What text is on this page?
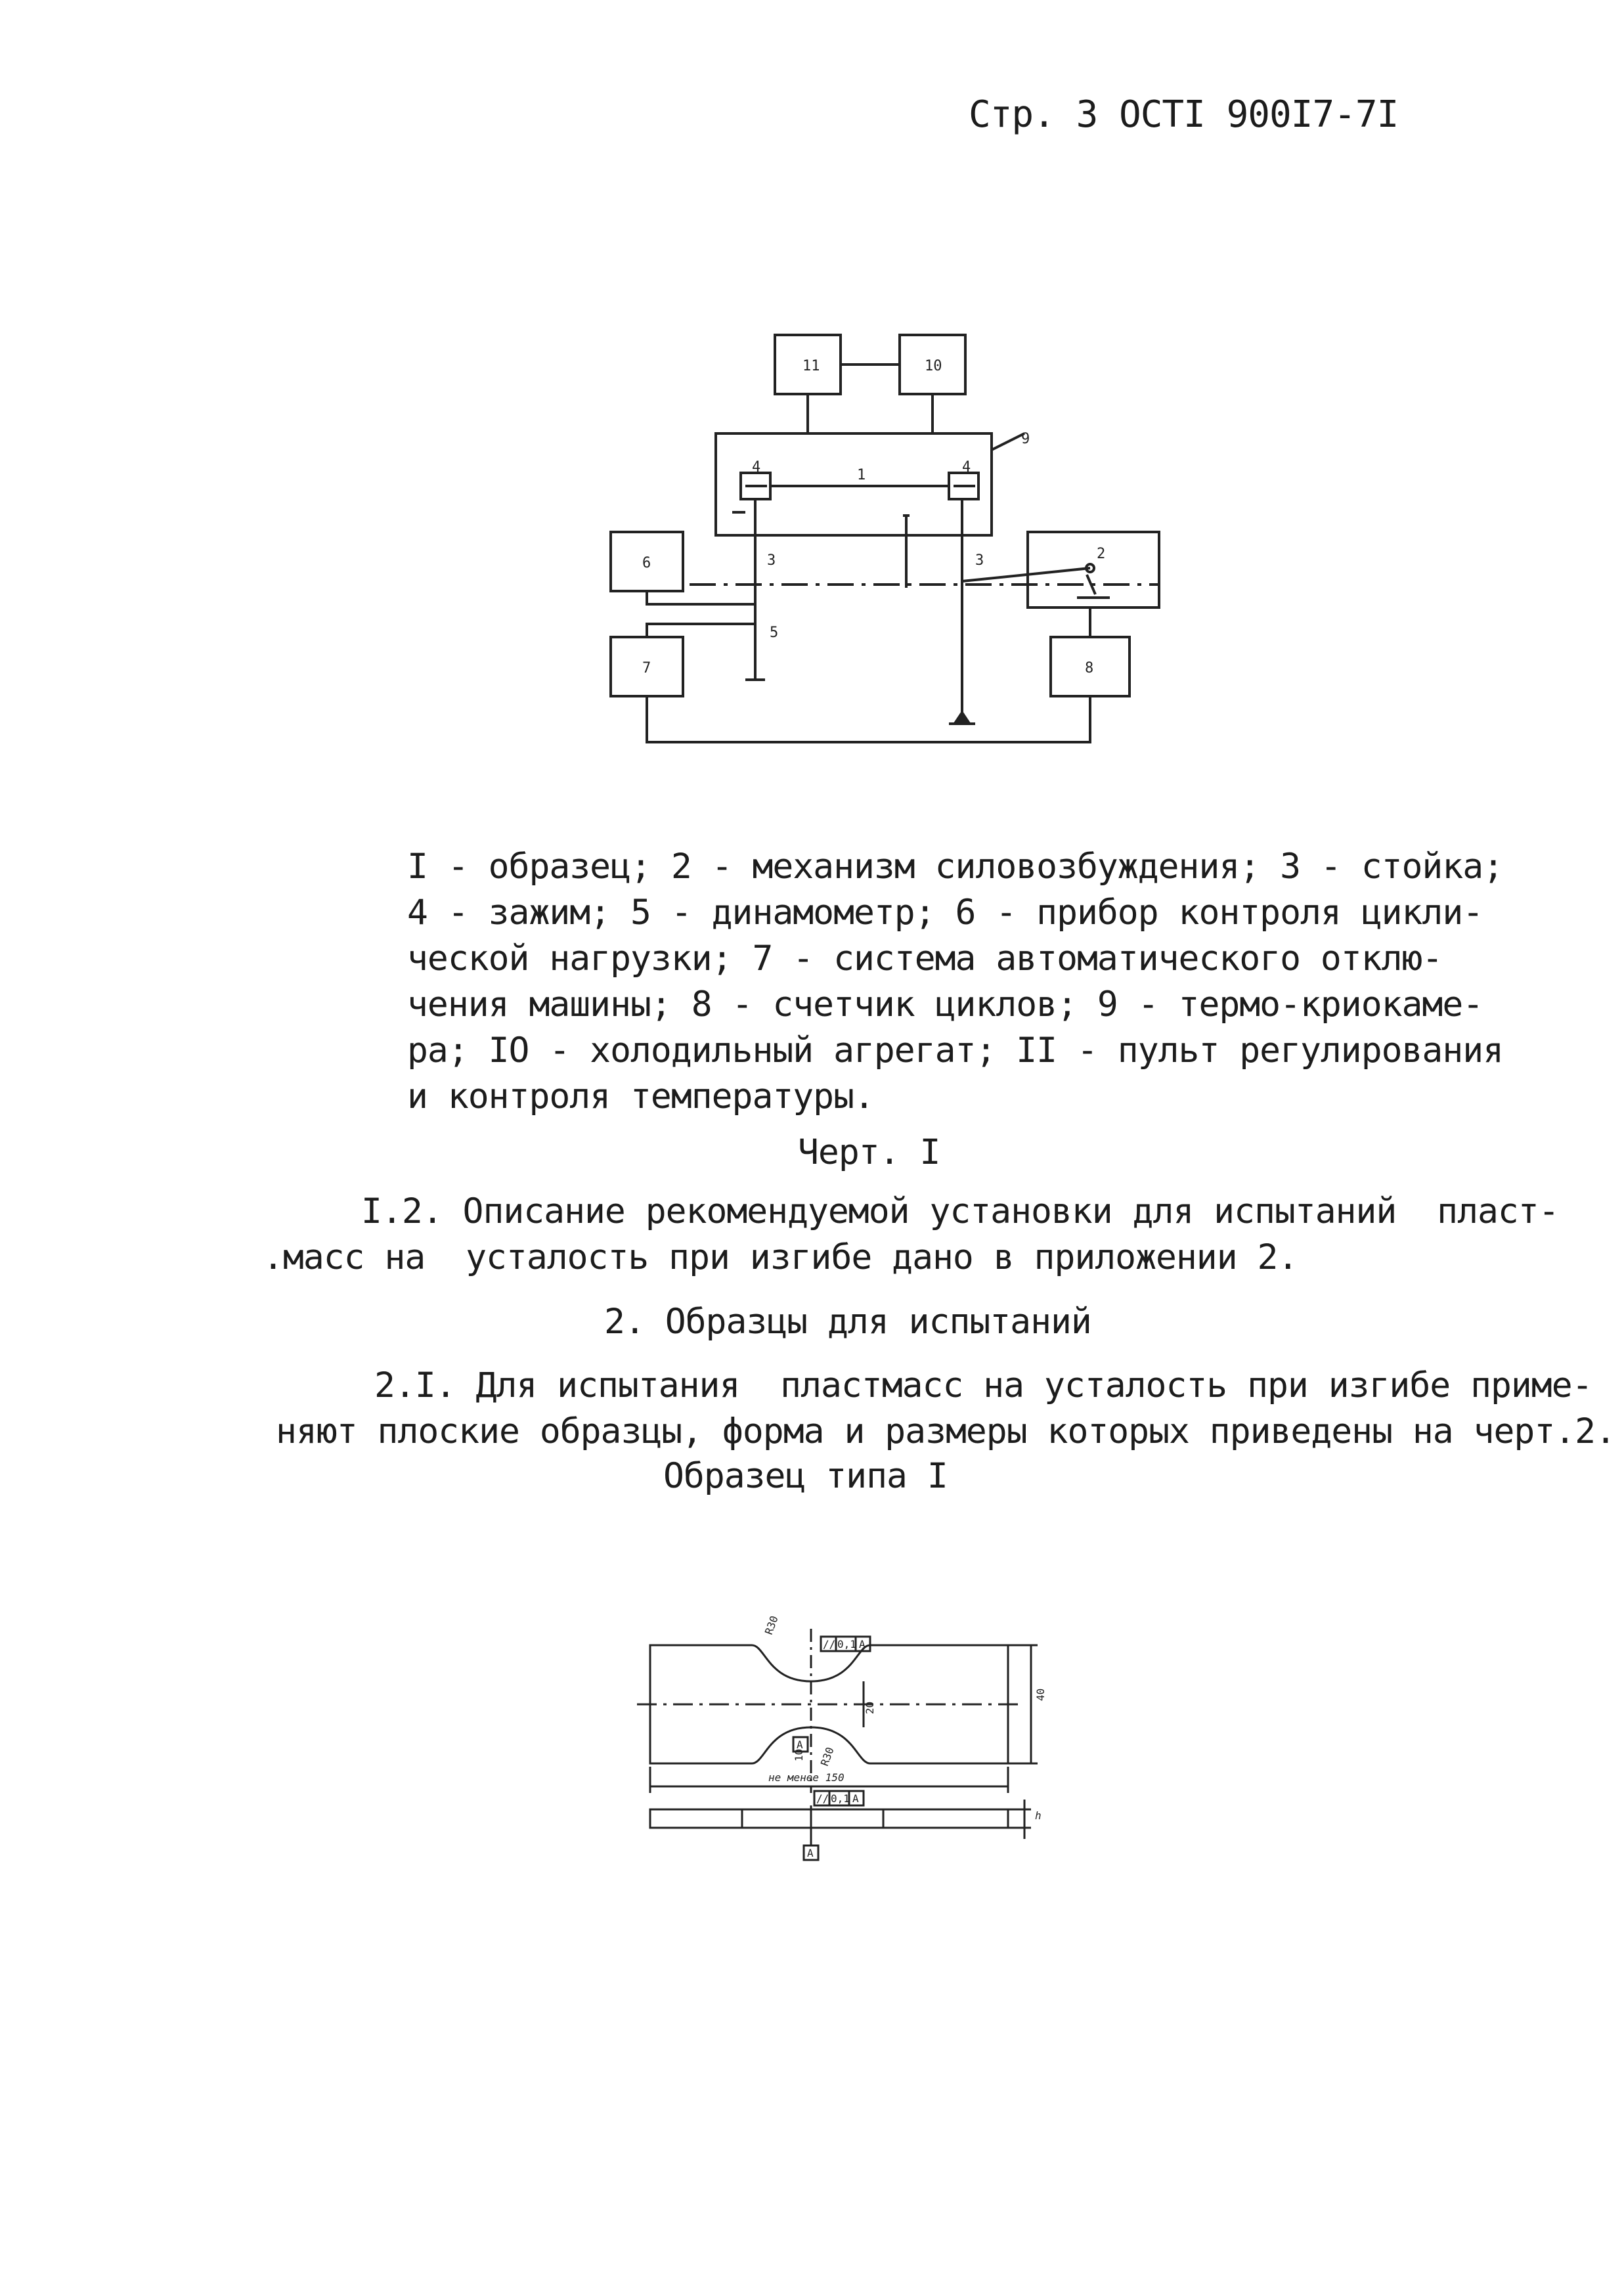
Стр. 3 ОСТI 900I7-7I
11	10
9
1
4	4
3	3	2
5
6
7	8
I - образец; 2 - механизм силовозбуждения; 3 - стойка;
4 - зажим; 5 - динамометр; 6 - прибор контроля цикли-
ческой нагрузки; 7 - система автоматического отклю-
чения машины; 8 - счетчик циклов; 9 - термо-криокаме-
ра; IO - холодильный агрегат; II - пульт регулирования
и контроля температуры.
Черт. I
I.2. Описание рекомендуемой установки для испытаний  пласт-
.масс на  усталость при изгибе дано в приложении 2.
2. Образцы для испытаний
2.I. Для испытания  пластмасс на усталость при изгибе приме-
няют плоские образцы, форма и размеры которых приведены на черт.2.
Образец типа I
R30
R30
40
20
не менее 150
10
h
// 0,1 A
A
// 0,1 A
A
